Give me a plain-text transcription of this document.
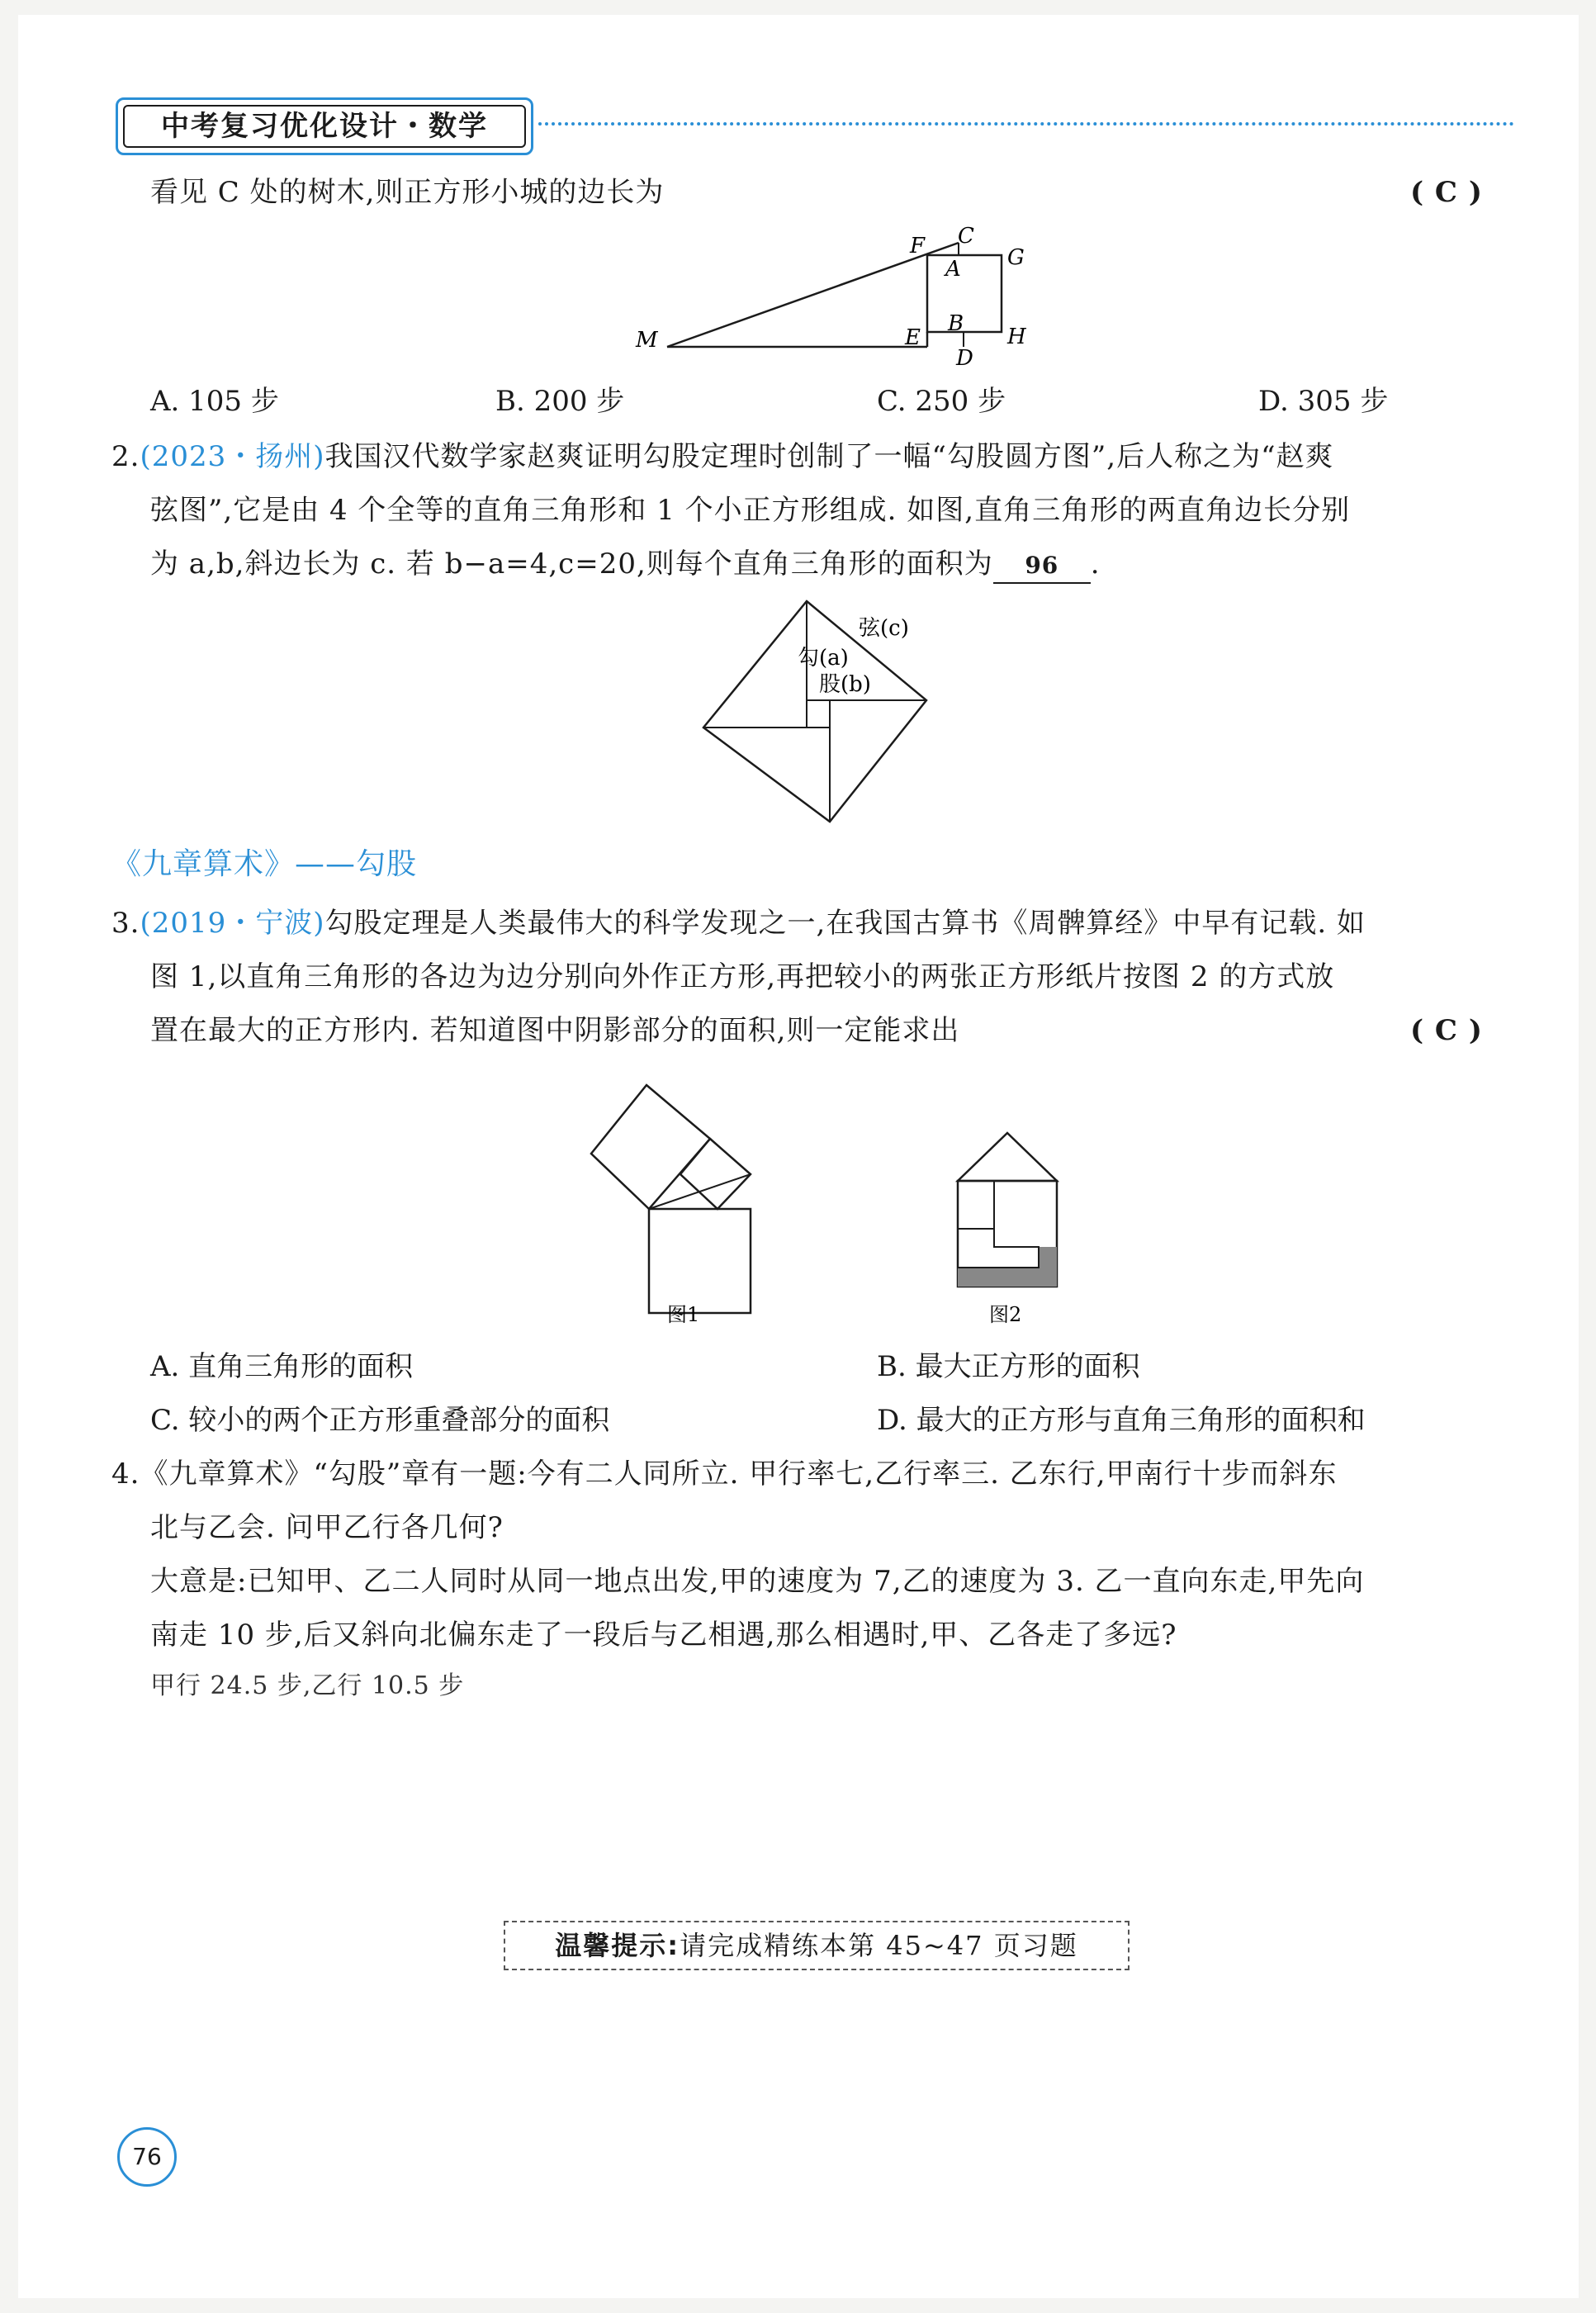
中考复习优化设计・数学
看见 C 处的树木,则正方形小城的边长为	( C )
F C
G
A
M	E
B
H
D
A. 105 步	B. 200 步	C. 250 步	D. 305 步
2.(2023・扬州)我国汉代数学家赵爽证明勾股定理时创制了一幅“勾股圆方图”,后人称之为“赵爽
弦图”,它是由 4 个全等的直角三角形和 1 个小正方形组成. 如图,直角三角形的两直角边长分别
为 a,b,斜边长为 c. 若 b−a=4,c=20,则每个直角三角形的面积为 96 .
弦(c)
勾(a)
股(b)
《九章算术》——勾股
3.(2019・宁波)勾股定理是人类最伟大的科学发现之一,在我国古算书《周髀算经》中早有记载. 如
图 1,以直角三角形的各边为边分别向外作正方形,再把较小的两张正方形纸片按图 2 的方式放
置在最大的正方形内. 若知道图中阴影部分的面积,则一定能求出	( C )
图1	图2
A. 直角三角形的面积	B. 最大正方形的面积
C. 较小的两个正方形重叠部分的面积	D. 最大的正方形与直角三角形的面积和
4.《九章算术》“勾股”章有一题:今有二人同所立. 甲行率七,乙行率三. 乙东行,甲南行十步而斜东
北与乙会. 问甲乙行各几何?
大意是:已知甲、乙二人同时从同一地点出发,甲的速度为 7,乙的速度为 3. 乙一直向东走,甲先向
南走 10 步,后又斜向北偏东走了一段后与乙相遇,那么相遇时,甲、乙各走了多远?
甲行 24.5 步,乙行 10.5 步
温馨提示:请完成精练本第 45~47 页习题
76
